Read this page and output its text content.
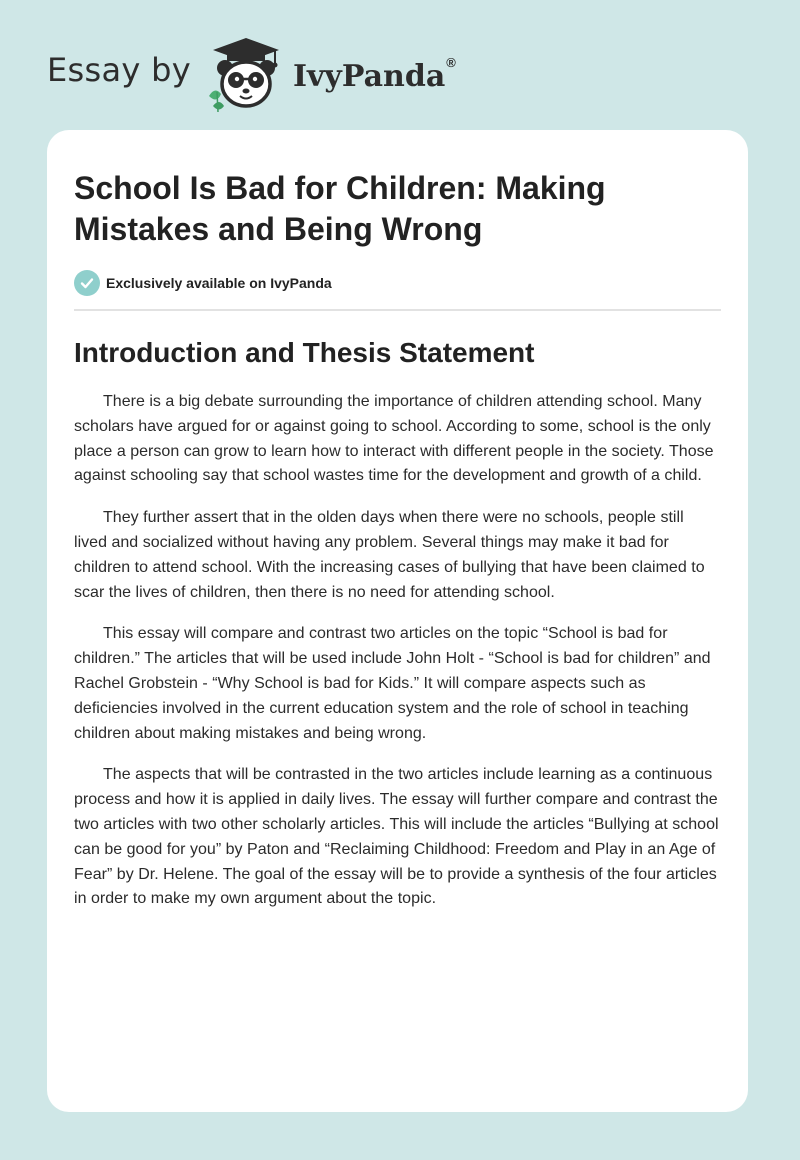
Essay by	IvyPanda ®
School Is Bad for Children: Making Mistakes and Being Wrong
Exclusively available on IvyPanda
Introduction and Thesis Statement

There is a big debate surrounding the importance of children attending school. Many scholars have argued for or against going to school. According to some, school is the only place a person can grow to learn how to interact with different people in the society. Those against schooling say that school wastes time for the development and growth of a child.

They further assert that in the olden days when there were no schools, people still lived and socialized without having any problem. Several things may make it bad for children to attend school. With the increasing cases of bullying that have been claimed to scar the lives of children, then there is no need for attending school.

This essay will compare and contrast two articles on the topic “School is bad for children.” The articles that will be used include John Holt - “School is bad for children” and Rachel Grobstein - “Why School is bad for Kids.” It will compare aspects such as deficiencies involved in the current education system and the role of school in teaching children about making mistakes and being wrong.

The aspects that will be contrasted in the two articles include learning as a continuous process and how it is applied in daily lives. The essay will further compare and contrast the two articles with two other scholarly articles. This will include the articles “Bullying at school can be good for you” by Paton and “Reclaiming Childhood: Freedom and Play in an Age of Fear” by Dr. Helene. The goal of the essay will be to provide a synthesis of the four articles in order to make my own argument about the topic.
